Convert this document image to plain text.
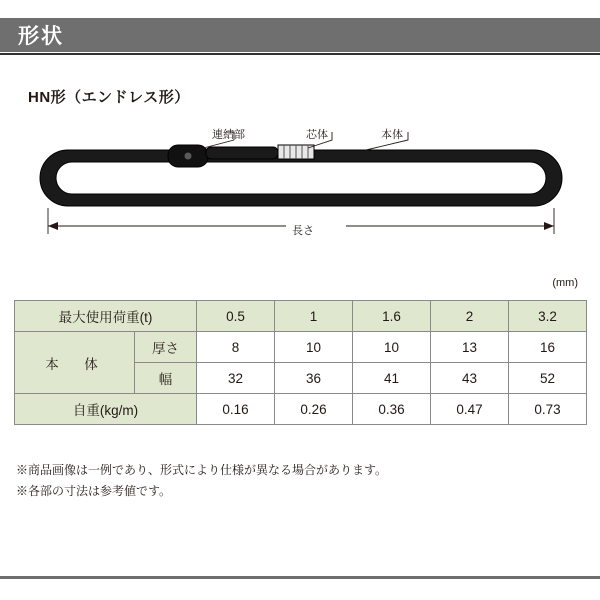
形状
HN形（エンドレス形）
連結部	芯体	本体
長さ
(mm)
最大使用荷重(t)		0.5	1	1.6	2	3.2
本　体	厚さ	8	10	10	13	16
	幅	32	36	41	43	52
自重(kg/m)		0.16	0.26	0.36	0.47	0.73
※商品画像は一例であり、形式により仕様が異なる場合があります。
※各部の寸法は参考値です。
